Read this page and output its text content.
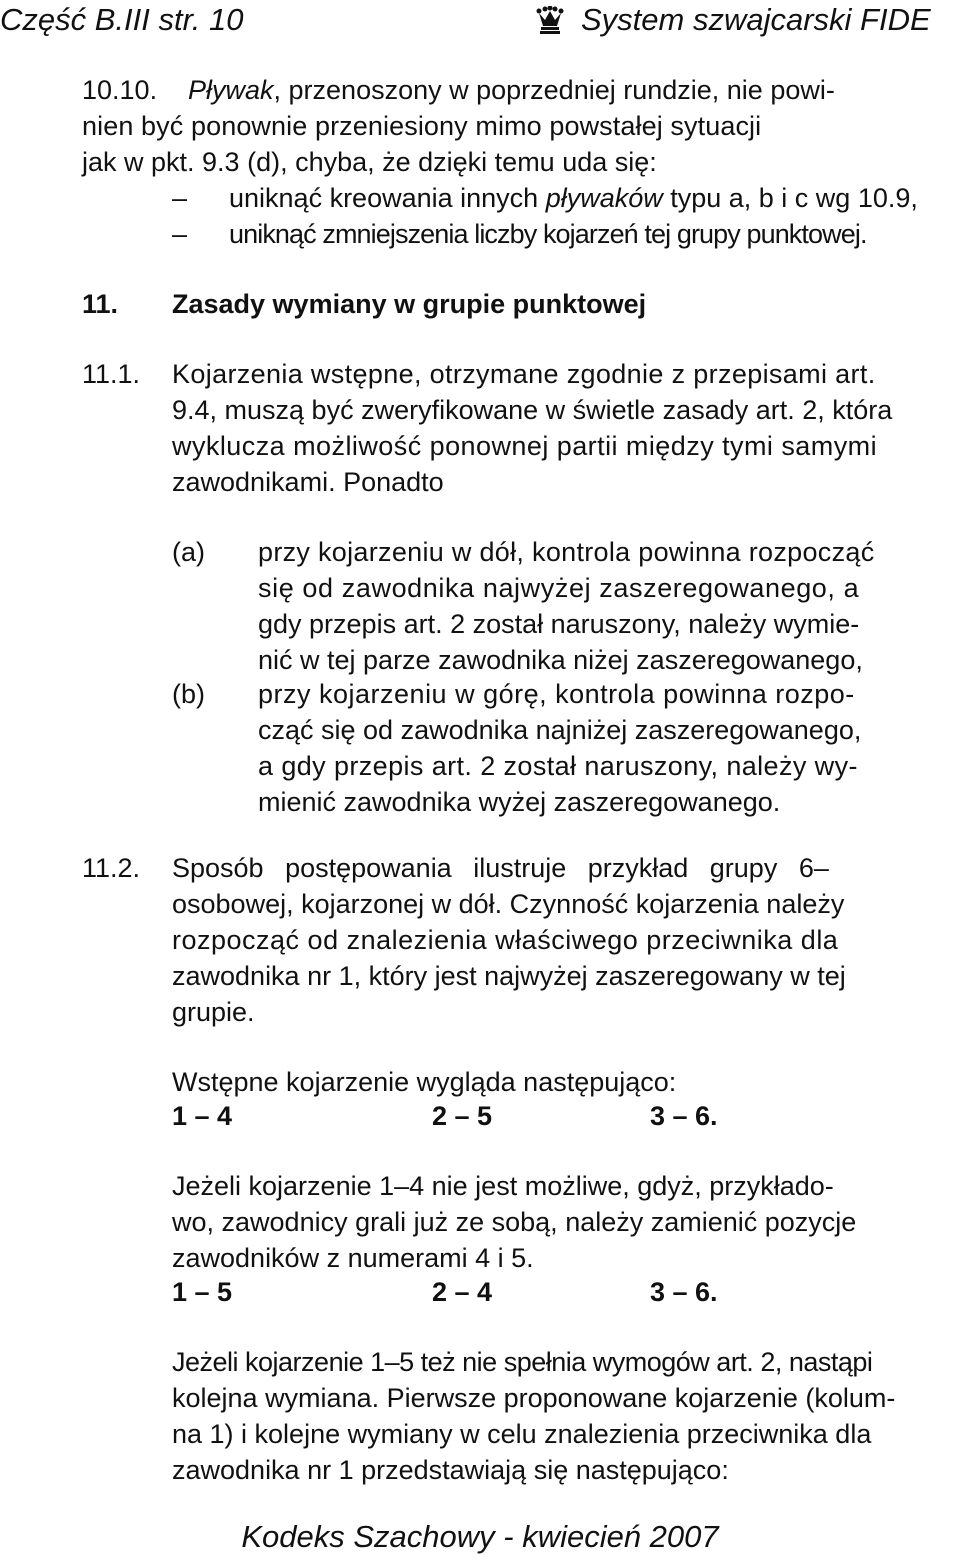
Część B.III str. 10	System szwajcarski FIDE
10.10. Pływak, przenoszony w poprzedniej rundzie, nie powi-
nien być ponownie przeniesiony mimo powstałej sytuacji
jak w pkt. 9.3 (d), chyba, że dzięki temu uda się:
– uniknąć kreowania innych pływaków typu a, b i c wg 10.9,
– uniknąć zmniejszenia liczby kojarzeń tej grupy punktowej.
11. Zasady wymiany w grupie punktowej
11.1. Kojarzenia wstępne, otrzymane zgodnie z przepisami art.
9.4, muszą być zweryfikowane w świetle zasady art. 2, która
wyklucza możliwość ponownej partii między tymi samymi
zawodnikami. Ponadto
(a) przy kojarzeniu w dół, kontrola powinna rozpocząć
się od zawodnika najwyżej zaszeregowanego, a
gdy przepis art. 2 został naruszony, należy wymie-
nić w tej parze zawodnika niżej zaszeregowanego,
(b) przy kojarzeniu w górę, kontrola powinna rozpo-
cząć się od zawodnika najniżej zaszeregowanego,
a gdy przepis art. 2 został naruszony, należy wy-
mienić zawodnika wyżej zaszeregowanego.
11.2. Sposób postępowania ilustruje przykład grupy 6–
osobowej, kojarzonej w dół. Czynność kojarzenia należy
rozpocząć od znalezienia właściwego przeciwnika dla
zawodnika nr 1, który jest najwyżej zaszeregowany w tej
grupie.
Wstępne kojarzenie wygląda następująco:
1 – 4	2 – 5	3 – 6.
Jeżeli kojarzenie 1–4 nie jest możliwe, gdyż, przykłado-
wo, zawodnicy grali już ze sobą, należy zamienić pozycje
zawodników z numerami 4 i 5.
1 – 5	2 – 4	3 – 6.
Jeżeli kojarzenie 1–5 też nie spełnia wymogów art. 2, nastąpi
kolejna wymiana. Pierwsze proponowane kojarzenie (kolum-
na 1) i kolejne wymiany w celu znalezienia przeciwnika dla
zawodnika nr 1 przedstawiają się następująco:
Kodeks Szachowy - kwiecień 2007
